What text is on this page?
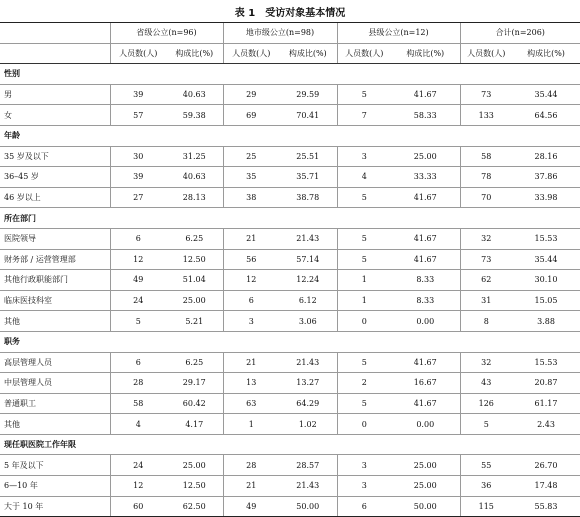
表 1 受访对象基本情况
	省级公立(n=96)		地市级公立(n=98)		县级公立(n=12)		合计(n=206)	
	人员数(人)	构成比(%)	人员数(人)	构成比(%)	人员数(人)	构成比(%)	人员数(人)	构成比(%)
性别								
男	39	40.63	29	29.59	5	41.67	73	35.44
女	57	59.38	69	70.41	7	58.33	133	64.56
年龄								
35 岁及以下	30	31.25	25	25.51	3	25.00	58	28.16
36–45 岁	39	40.63	35	35.71	4	33.33	78	37.86
46 岁以上	27	28.13	38	38.78	5	41.67	70	33.98
所在部门								
医院领导	6	6.25	21	21.43	5	41.67	32	15.53
财务部 / 运营管理部	12	12.50	56	57.14	5	41.67	73	35.44
其他行政职能部门	49	51.04	12	12.24	1	8.33	62	30.10
临床医技科室	24	25.00	6	6.12	1	8.33	31	15.05
其他	5	5.21	3	3.06	0	0.00	8	3.88
职务								
高层管理人员	6	6.25	21	21.43	5	41.67	32	15.53
中层管理人员	28	29.17	13	13.27	2	16.67	43	20.87
普通职工	58	60.42	63	64.29	5	41.67	126	61.17
其他	4	4.17	1	1.02	0	0.00	5	2.43
现任职医院工作年限								
5 年及以下	24	25.00	28	28.57	3	25.00	55	26.70
6—10 年	12	12.50	21	21.43	3	25.00	36	17.48
大于 10 年	60	62.50	49	50.00	6	50.00	115	55.83
